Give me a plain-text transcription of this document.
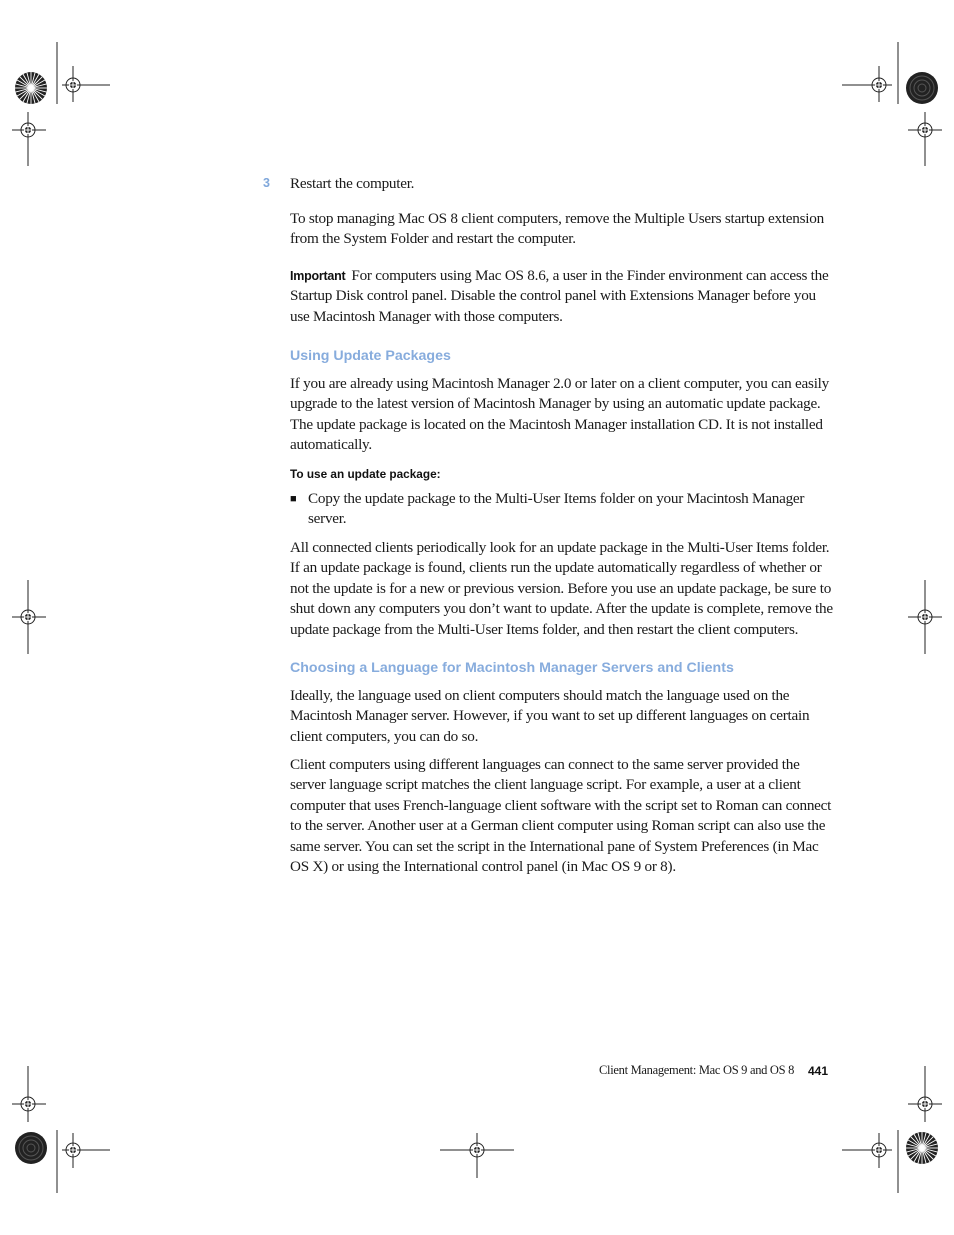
3 Restart the computer.

To stop managing Mac OS 8 client computers, remove the Multiple Users startup extension from the System Folder and restart the computer.

Important For computers using Mac OS 8.6, a user in the Finder environment can access the Startup Disk control panel. Disable the control panel with Extensions Manager before you use Macintosh Manager with those computers.

Using Update Packages

If you are already using Macintosh Manager 2.0 or later on a client computer, you can easily upgrade to the latest version of Macintosh Manager by using an automatic update package. The update package is located on the Macintosh Manager installation CD. It is not installed automatically.

To use an update package:
■ Copy the update package to the Multi-User Items folder on your Macintosh Manager server.

All connected clients periodically look for an update package in the Multi-User Items folder. If an update package is found, clients run the update automatically regardless of whether or not the update is for a new or previous version. Before you use an update package, be sure to shut down any computers you don’t want to update. After the update is complete, remove the update package from the Multi-User Items folder, and then restart the client computers.

Choosing a Language for Macintosh Manager Servers and Clients

Ideally, the language used on client computers should match the language used on the Macintosh Manager server. However, if you want to set up different languages on certain client computers, you can do so.

Client computers using different languages can connect to the same server provided the server language script matches the client language script. For example, a user at a client computer that uses French-language client software with the script set to Roman can connect to the server. Another user at a German client computer using Roman script can also use the same server. You can set the script in the International pane of System Preferences (in Mac OS X) or using the International control panel (in Mac OS 9 or 8).

Client Management: Mac OS 9 and OS 8 441
